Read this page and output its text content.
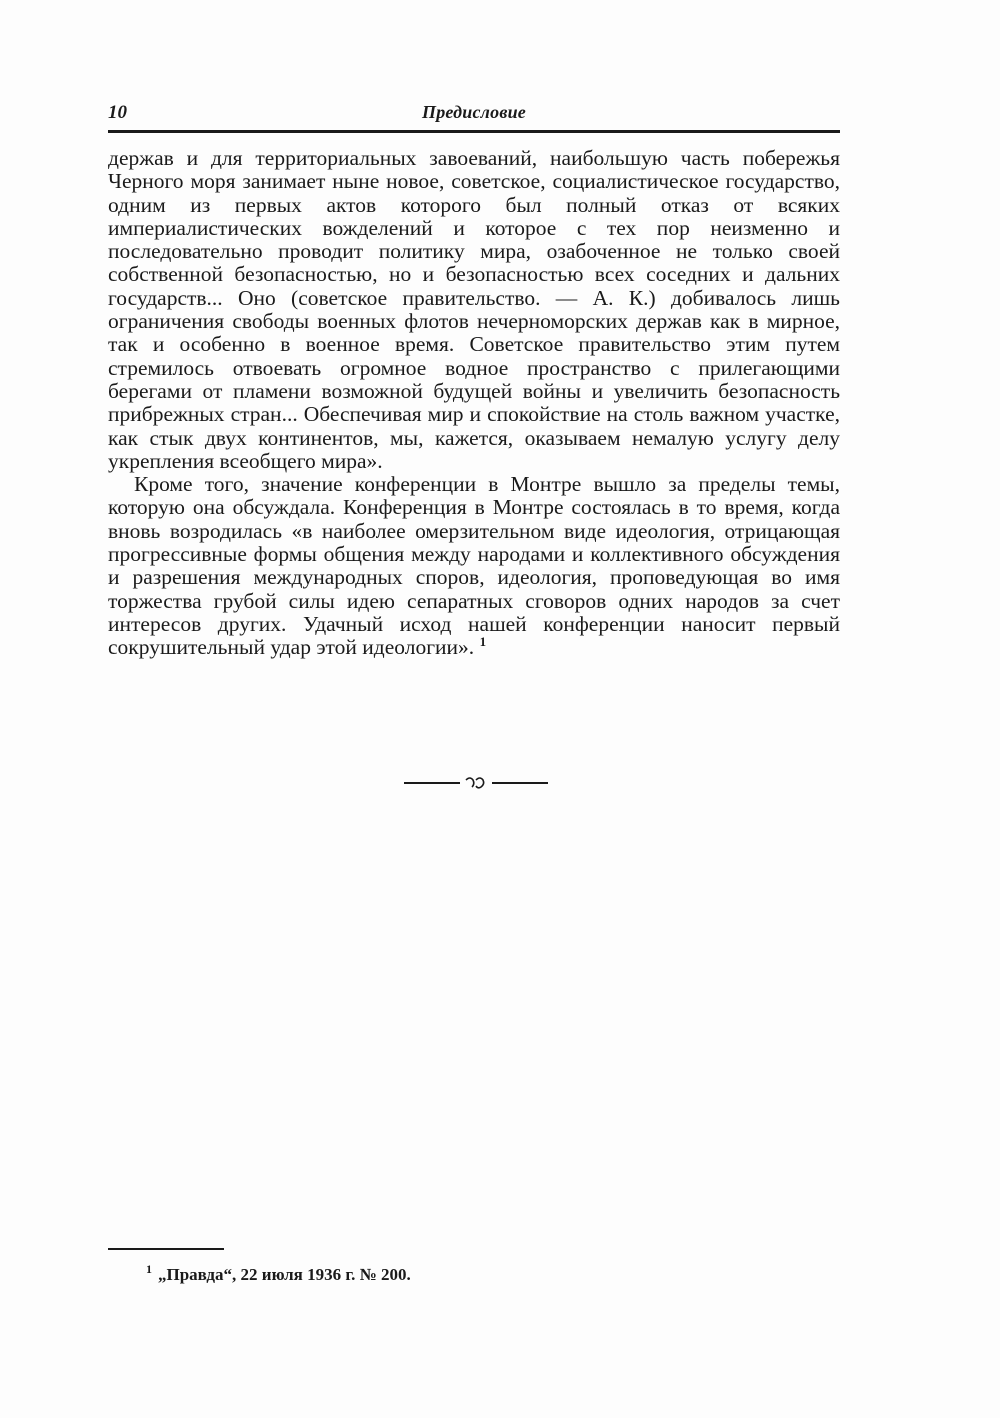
10	Предисловие

держав и для территориальных завоеваний, наибольшую часть побережья Черного моря занимает ныне новое, советское, социалистическое государство, одним из первых актов которого был полный отказ от всяких империалистических вожделений и которое с тех пор неизменно и последовательно проводит политику мира, озабоченное не только своей собственной безопасностью, но и безопасностью всех соседних и дальних государств... Оно (советское правительство. — А. К.) добивалось лишь ограничения свободы военных флотов нечерноморских держав как в мирное, так и особенно в военное время. Советское правительство этим путем стремилось отвоевать огромное водное пространство с прилегающими берегами от пламени возможной будущей войны и увеличить безопасность прибрежных стран... Обеспечивая мир и спокойствие на столь важном участке, как стык двух континентов, мы, кажется, оказываем немалую услугу делу укрепления всеобщего мира».

Кроме того, значение конференции в Монтре вышло за пределы темы, которую она обсуждала. Конференция в Монтре состоялась в то время, когда вновь возродилась «в наиболее омерзительном виде идеология, отрицающая прогрессивные формы общения между народами и коллективного обсуждения и разрешения международных споров, идеология, проповедующая во имя торжества грубой силы идею сепаратных сговоров одних народов за счет интересов других. Удачный исход нашей конференции наносит первый сокрушительный удар этой идеологии». $^1$

$^1$ „Правда“, 22 июля 1936 г. № 200.
